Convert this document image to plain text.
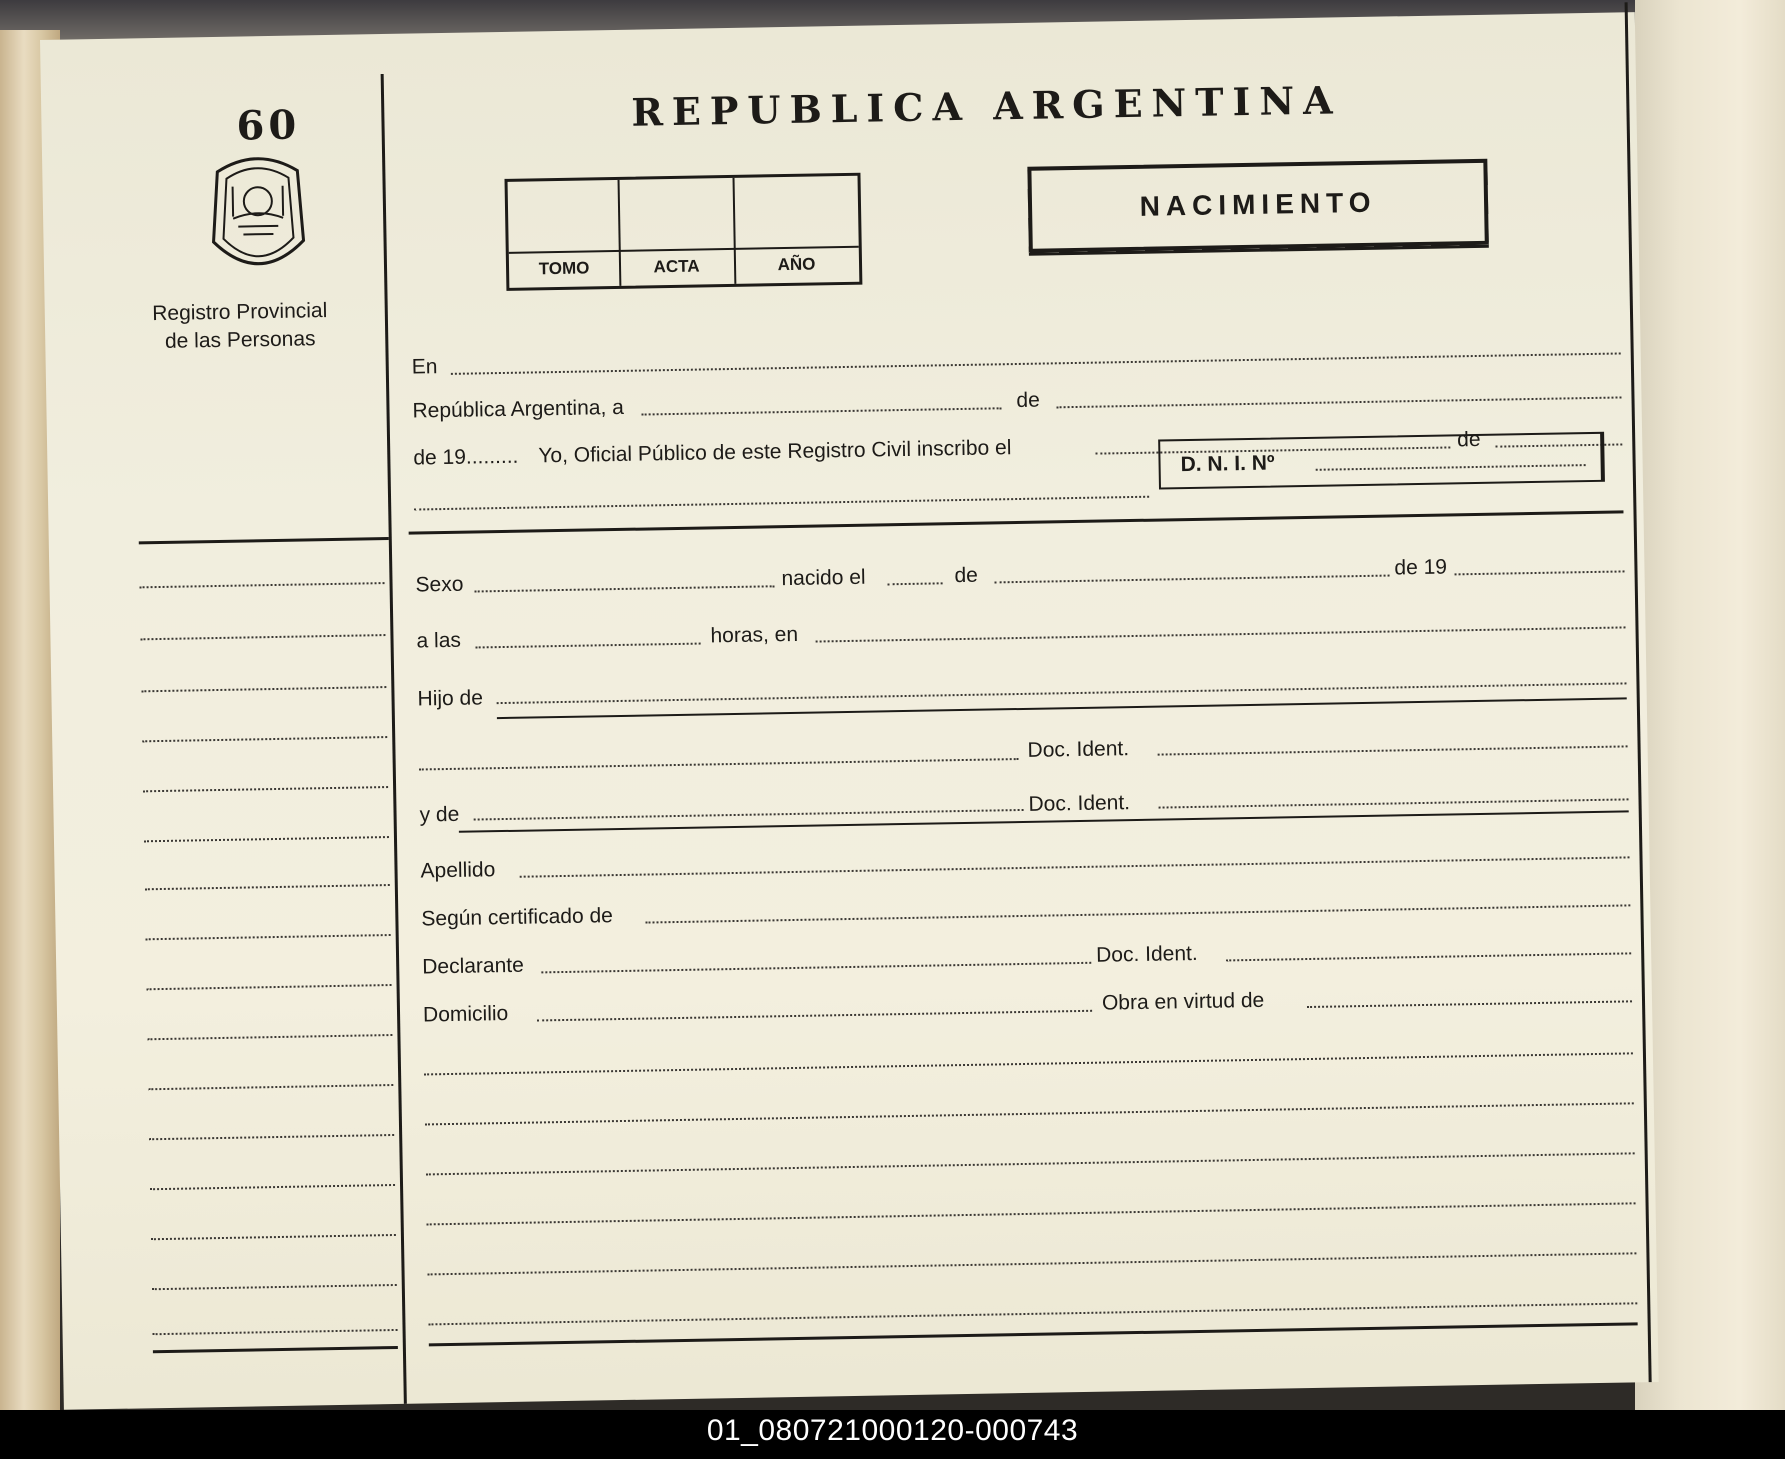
60
Registro Provincial
de las Personas
REPUBLICA ARGENTINA
TOMO	ACTA	AÑO
NACIMIENTO
En
República Argentina, a	de
de 19......... Yo, Oficial Público de este Registro Civil inscribo el	de
D. N. I. Nº
Sexo	nacido el	de	de 19
a las	horas, en
Hijo de
Doc. Ident.
y de	Doc. Ident.
Apellido
Según certificado de
Declarante	Doc. Ident.
Domicilio	Obra en virtud de
01_080721000120-000743
